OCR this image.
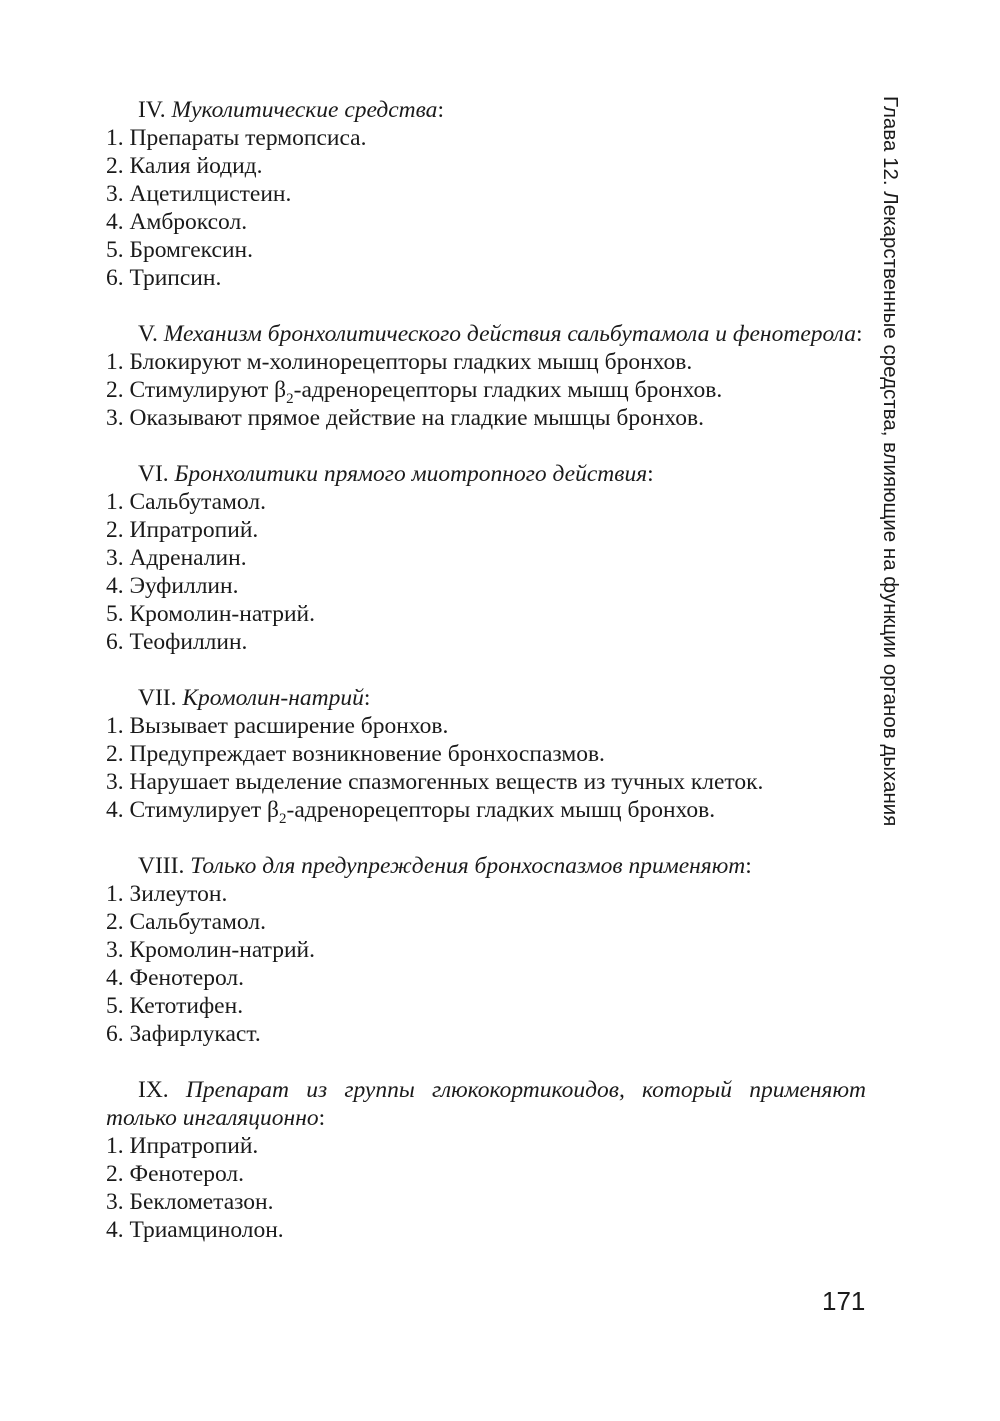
IV. Муколитические средства:
1. Препараты термопсиса.
2. Калия йодид.
3. Ацетилцистеин.
4. Амброксол.
5. Бромгексин.
6. Трипсин.
V. Механизм бронхолитического действия сальбутамола и фенотерола:
1. Блокируют м-холинорецепторы гладких мышц бронхов.
2. Стимулируют $\beta_2$-адренорецепторы гладких мышц бронхов.
3. Оказывают прямое действие на гладкие мышцы бронхов.
VI. Бронхолитики прямого миотропного действия:
1. Сальбутамол.
2. Ипратропий.
3. Адреналин.
4. Эуфиллин.
5. Кромолин-натрий.
6. Теофиллин.
VII. Кромолин-натрий:
1. Вызывает расширение бронхов.
2. Предупреждает возникновение бронхоспазмов.
3. Нарушает выделение спазмогенных веществ из тучных клеток.
4. Стимулирует $\beta_2$-адренорецепторы гладких мышц бронхов.
VIII. Только для предупреждения бронхоспазмов применяют:
1. Зилеутон.
2. Сальбутамол.
3. Кромолин-натрий.
4. Фенотерол.
5. Кетотифен.
6. Зафирлукаст.
IX. Препарат из группы глюкокортикоидов, который применяют только ингаляционно:
1. Ипратропий.
2. Фенотерол.
3. Беклометазон.
4. Триамцинолон.
Глава 12. Лекарственные средства, влияющие на функции органов дыхания
171
